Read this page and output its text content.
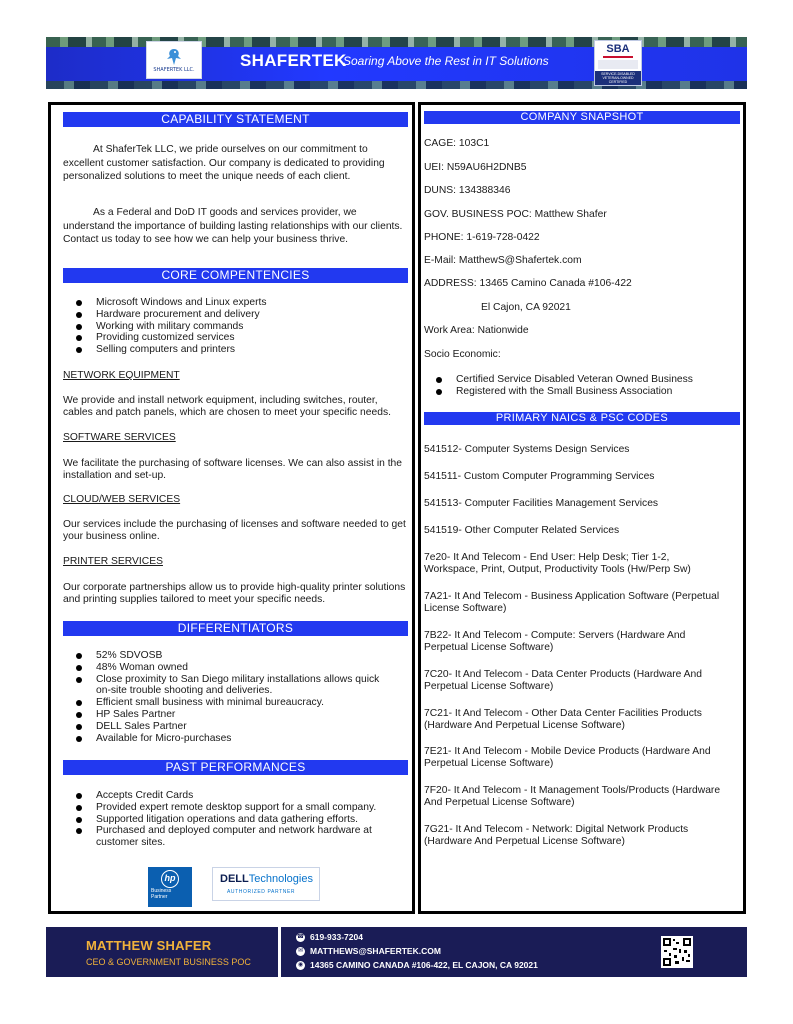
SHAFERTEK LLC.	SHAFERTEK
Soaring Above the Rest in IT Solutions
SBA
SERVICE-DISABLED VETERAN-OWNED CERTIFIED
CAPABILITY STATEMENT
At ShaferTek LLC, we pride ourselves on our commitment to excellent customer satisfaction. Our company is dedicated to providing personalized solutions to meet the unique needs of each client.
As a Federal and DoD IT goods and services provider, we understand the importance of building lasting relationships with our clients. Contact us today to see how we can help your business thrive.
CORE COMPENTENCIES
Microsoft Windows and Linux experts
Hardware procurement and delivery
Working with military commands
Providing customized services
Selling computers and printers
NETWORK EQUIPMENT
We provide and install network equipment, including switches, router, cables and patch panels, which are chosen to meet your specific needs.
SOFTWARE SERVICES
We facilitate the purchasing of software licenses. We can also assist in the installation and set-up.
CLOUD/WEB SERVICES
Our services include the purchasing of licenses and software needed to get your business online.
PRINTER SERVICES
Our corporate partnerships allow us to provide high-quality printer solutions and printing supplies tailored to meet your specific needs.
DIFFERENTIATORS
52% SDVOSB
48% Woman owned
Close proximity to San Diego military installations allows quick on-site trouble shooting and deliveries.
Efficient small business with minimal bureaucracy.
HP Sales Partner
DELL Sales Partner
Available for Micro-purchases
PAST PERFORMANCES
Accepts Credit Cards
Provided expert remote desktop support for a small company.
Supported litigation operations and data gathering efforts.
Purchased and deployed computer and network hardware at customer sites.
hp
Business Partner
DELLTechnologies
AUTHORIZED PARTNER
COMPANY SNAPSHOT
CAGE: 103C1
UEI: N59AU6H2DNB5
DUNS: 134388346
GOV. BUSINESS POC: Matthew Shafer
PHONE: 1-619-728-0422
E-Mail: MatthewS@Shafertek.com
ADDRESS: 13465 Camino Canada #106-422
El Cajon, CA 92021
Work Area: Nationwide
Socio Economic:
Certified Service Disabled Veteran Owned Business
Registered with the Small Business Association
PRIMARY NAICS & PSC CODES
541512- Computer Systems Design Services
541511- Custom Computer Programming Services
541513- Computer Facilities Management Services
541519- Other Computer Related Services
7e20- It And Telecom - End User: Help Desk; Tier 1-2, Workspace, Print, Output, Productivity Tools (Hw/Perp Sw)
7A21- It And Telecom - Business Application Software (Perpetual License Software)
7B22- It And Telecom - Compute: Servers (Hardware And Perpetual License Software)
7C20- It And Telecom - Data Center Products (Hardware And Perpetual License Software)
7C21- It And Telecom - Other Data Center Facilities Products (Hardware And Perpetual License Software)
7E21- It And Telecom - Mobile Device Products (Hardware And Perpetual License Software)
7F20- It And Telecom - It Management Tools/Products (Hardware And Perpetual License Software)
7G21- It And Telecom - Network: Digital Network Products (Hardware And Perpetual License Software)
MATTHEW SHAFER
CEO & GOVERNMENT BUSINESS POC
☎ 619-933-7204
✉ MATTHEWS@SHAFERTEK.COM
◉ 14365 CAMINO CANADA #106-422, EL CAJON, CA 92021
